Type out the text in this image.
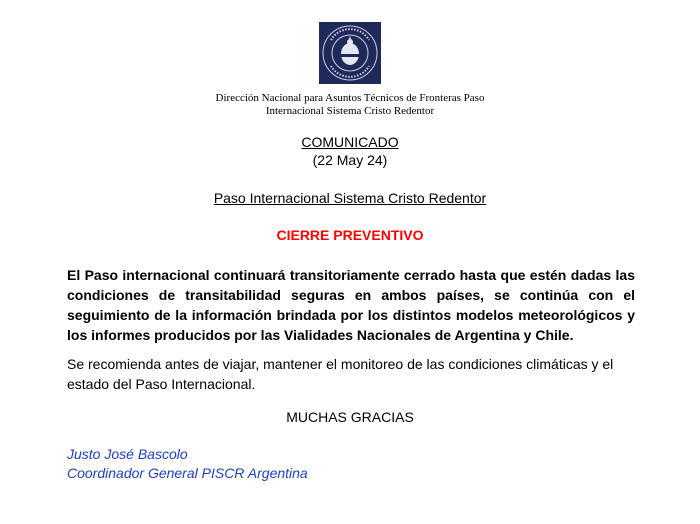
Dirección Nacional para Asuntos Técnicos de Fronteras Paso
Internacional Sistema Cristo Redentor
COMUNICADO
(22 May 24)
Paso Internacional Sistema Cristo Redentor
CIERRE PREVENTIVO

El Paso internacional continuará transitoriamente cerrado hasta que estén dadas las condiciones de transitabilidad seguras en ambos países, se continúa con el seguimiento de la información brindada por los distintos modelos meteorológicos y los informes producidos por las Vialidades Nacionales de Argentina y Chile.

Se recomienda antes de viajar, mantener el monitoreo de las condiciones climáticas y el estado del Paso Internacional.

MUCHAS GRACIAS
Justo José Bascolo
Coordinador General PISCR Argentina
